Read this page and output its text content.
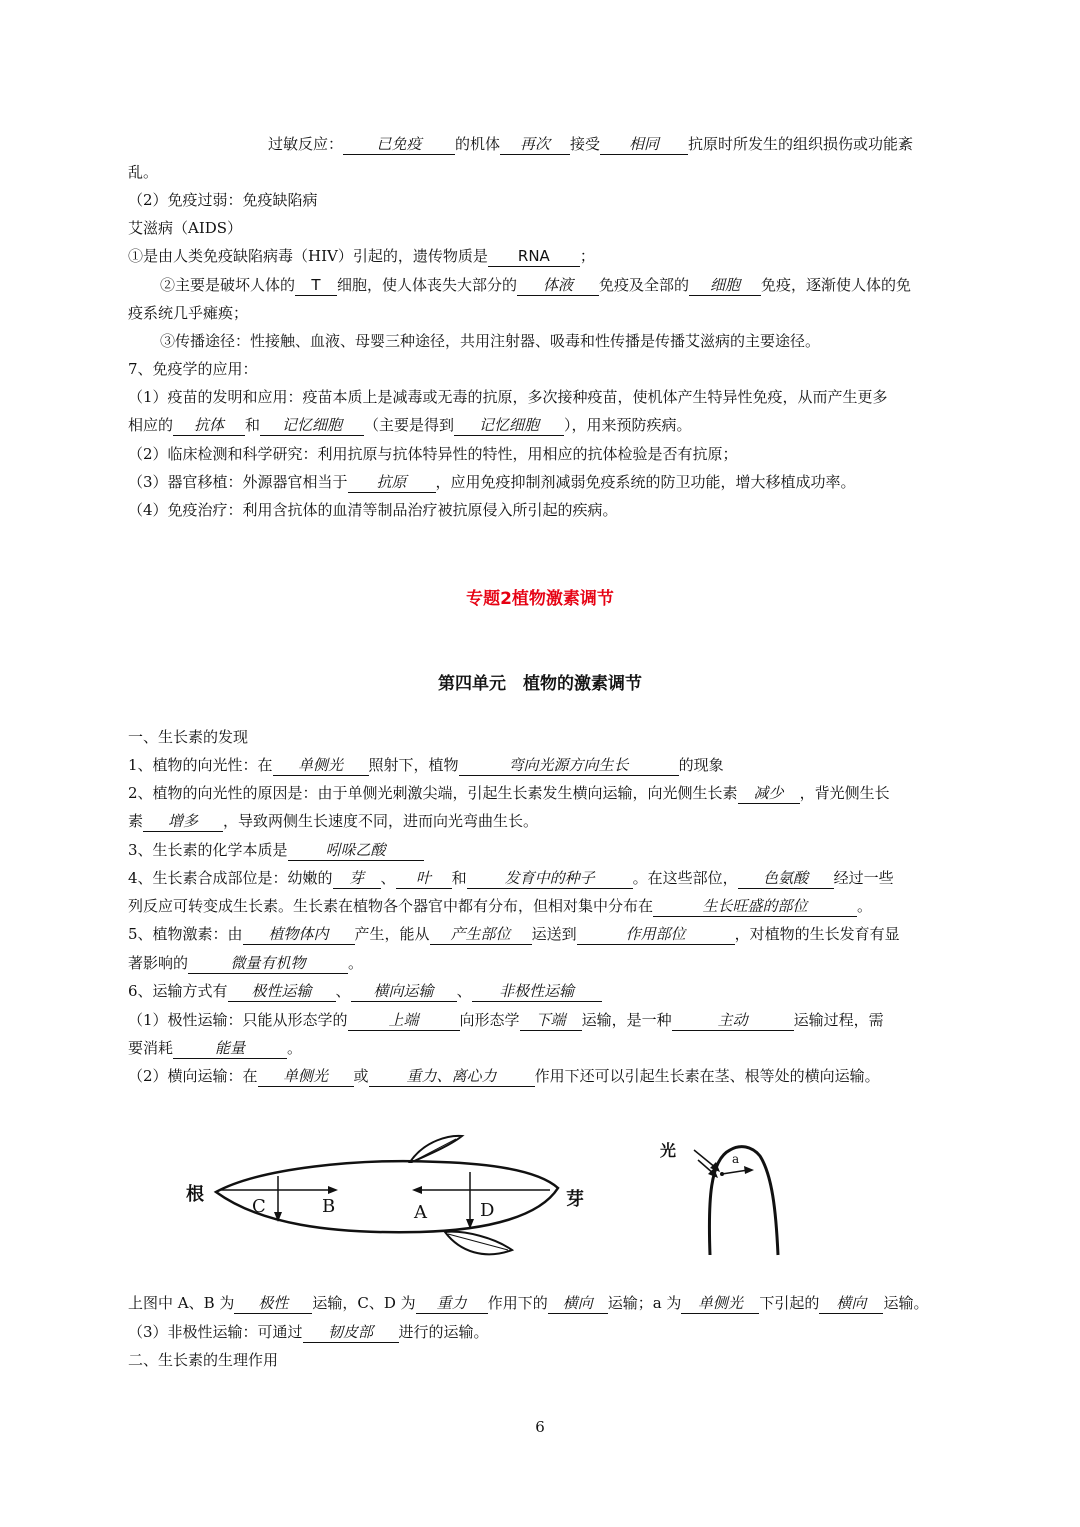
过敏反应： 已免疫 的机体 再次 接受 相同 抗原时所发生的组织损伤或功能紊
乱。
（2）免疫过弱：免疫缺陷病
艾滋病（AIDS）
①是由人类免疫缺陷病毒（HIV）引起的，遗传物质是 RNA ；
②主要是破坏人体的 T 细胞，使人体丧失大部分的 体液 免疫及全部的 细胞 免疫，逐渐使人体的免
疫系统几乎瘫痪；
③传播途径：性接触、血液、母婴三种途径，共用注射器、吸毒和性传播是传播艾滋病的主要途径。
7、免疫学的应用：
（1）疫苗的发明和应用：疫苗本质上是减毒或无毒的抗原，多次接种疫苗，使机体产生特异性免疫，从而产生更多
相应的 抗体 和 记忆细胞 （主要是得到 记忆细胞 ），用来预防疾病。
（2）临床检测和科学研究：利用抗原与抗体特异性的特性，用相应的抗体检验是否有抗原；
（3）器官移植：外源器官相当于 抗原 ，应用免疫抑制剂减弱免疫系统的防卫功能，增大移植成功率。
（4）免疫治疗：利用含抗体的血清等制品治疗被抗原侵入所引起的疾病。
专题2植物激素调节
第四单元　植物的激素调节
一、生长素的发现
1、植物的向光性：在 单侧光 照射下，植物	弯向光源方向生长	的现象
2、植物的向光性的原因是：由于单侧光刺激尖端，引起生长素发生横向运输，向光侧生长素 减少 ，背光侧生长
素 增多 ，导致两侧生长速度不同，进而向光弯曲生长。
3、生长素的化学本质是	吲哚乙酸
4、生长素合成部位是：幼嫩的 芽 、 叶 和	发育中的种子	。在这些部位， 色氨酸 经过一些
列反应可转变成生长素。生长素在植物各个器官中都有分布，但相对集中分布在	生长旺盛的部位	。
5、植物激素：由 植物体内 产生，能从 产生部位 运送到	作用部位	，对植物的生长发育有显
著影响的	微量有机物	。
6、运输方式有 极性运输 、 横向运输 、 非极性运输
（1）极性运输：只能从形态学的	上端	向形态学 下端 运输，是一种	主动	运输过程，需
要消耗	能量	。
（2）横向运输：在 单侧光 或	重力、离心力	作用下还可以引起生长素在茎、根等处的横向运输。
根	芽
C	B	A	D
光	a
上图中 A、B 为 极性 运输，C、D 为 重力 作用下的 横向 运输；a 为 单侧光 下引起的 横向 运输。
（3）非极性运输：可通过 韧皮部 进行的运输。
二、生长素的生理作用
6
